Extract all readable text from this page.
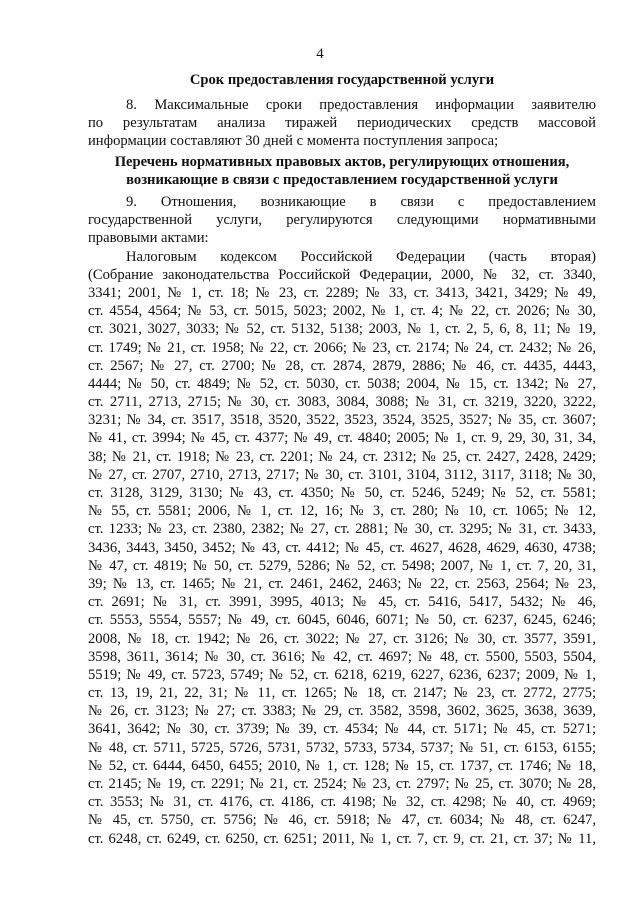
4
Срок предоставления государственной услуги
8. Максимальные сроки предоставления информации заявителю
по результатам анализа тиражей периодических средств массовой
информации составляют 30 дней с момента поступления запроса;
Перечень нормативных правовых актов, регулирующих отношения,
возникающие в связи с предоставлением государственной услуги
9. Отношения, возникающие в связи с предоставлением
государственной услуги, регулируются следующими нормативными
правовыми актами:
Налоговым кодексом Российской Федерации (часть вторая)
(Собрание законодательства Российской Федерации, 2000, № 32, ст. 3340,
3341; 2001, № 1, ст. 18; № 23, ст. 2289; № 33, ст. 3413, 3421, 3429; № 49,
ст. 4554, 4564; № 53, ст. 5015, 5023; 2002, № 1, ст. 4; № 22, ст. 2026; № 30,
ст. 3021, 3027, 3033; № 52, ст. 5132, 5138; 2003, № 1, ст. 2, 5, 6, 8, 11; № 19,
ст. 1749; № 21, ст. 1958; № 22, ст. 2066; № 23, ст. 2174; № 24, ст. 2432; № 26,
ст. 2567; № 27, ст. 2700; № 28, ст. 2874, 2879, 2886; № 46, ст. 4435, 4443,
4444; № 50, ст. 4849; № 52, ст. 5030, ст. 5038; 2004, № 15, ст. 1342; № 27,
ст. 2711, 2713, 2715; № 30, ст. 3083, 3084, 3088; № 31, ст. 3219, 3220, 3222,
3231; № 34, ст. 3517, 3518, 3520, 3522, 3523, 3524, 3525, 3527; № 35, ст. 3607;
№ 41, ст. 3994; № 45, ст. 4377; № 49, ст. 4840; 2005; № 1, ст. 9, 29, 30, 31, 34,
38; № 21, ст. 1918; № 23, ст. 2201; № 24, ст. 2312; № 25, ст. 2427, 2428, 2429;
№ 27, ст. 2707, 2710, 2713, 2717; № 30, ст. 3101, 3104, 3112, 3117, 3118; № 30,
ст. 3128, 3129, 3130; № 43, ст. 4350; № 50, ст. 5246, 5249; № 52, ст. 5581;
№ 55, ст. 5581; 2006, № 1, ст. 12, 16; № 3, ст. 280; № 10, ст. 1065; № 12,
ст. 1233; № 23, ст. 2380, 2382; № 27, ст. 2881; № 30, ст. 3295; № 31, ст. 3433,
3436, 3443, 3450, 3452; № 43, ст. 4412; № 45, ст. 4627, 4628, 4629, 4630, 4738;
№ 47, ст. 4819; № 50, ст. 5279, 5286; № 52, ст. 5498; 2007, № 1, ст. 7, 20, 31,
39; № 13, ст. 1465; № 21, ст. 2461, 2462, 2463; № 22, ст. 2563, 2564; № 23,
ст. 2691; № 31, ст. 3991, 3995, 4013; № 45, ст. 5416, 5417, 5432; № 46,
ст. 5553, 5554, 5557; № 49, ст. 6045, 6046, 6071; № 50, ст. 6237, 6245, 6246;
2008, № 18, ст. 1942; № 26, ст. 3022; № 27, ст. 3126; № 30, ст. 3577, 3591,
3598, 3611, 3614; № 30, ст. 3616; № 42, ст. 4697; № 48, ст. 5500, 5503, 5504,
5519; № 49, ст. 5723, 5749; № 52, ст. 6218, 6219, 6227, 6236, 6237; 2009, № 1,
ст. 13, 19, 21, 22, 31; № 11, ст. 1265; № 18, ст. 2147; № 23, ст. 2772, 2775;
№ 26, ст. 3123; № 27; ст. 3383; № 29, ст. 3582, 3598, 3602, 3625, 3638, 3639,
3641, 3642; № 30, ст. 3739; № 39, ст. 4534; № 44, ст. 5171; № 45, ст. 5271;
№ 48, ст. 5711, 5725, 5726, 5731, 5732, 5733, 5734, 5737; № 51, ст. 6153, 6155;
№ 52, ст. 6444, 6450, 6455; 2010, № 1, ст. 128; № 15, ст. 1737, ст. 1746; № 18,
ст. 2145; № 19, ст. 2291; № 21, ст. 2524; № 23, ст. 2797; № 25, ст. 3070; № 28,
ст. 3553; № 31, ст. 4176, ст. 4186, ст. 4198; № 32, ст. 4298; № 40, ст. 4969;
№ 45, ст. 5750, ст. 5756; № 46, ст. 5918; № 47, ст. 6034; № 48, ст. 6247,
ст. 6248, ст. 6249, ст. 6250, ст. 6251; 2011, № 1, ст. 7, ст. 9, ст. 21, ст. 37; № 11,
